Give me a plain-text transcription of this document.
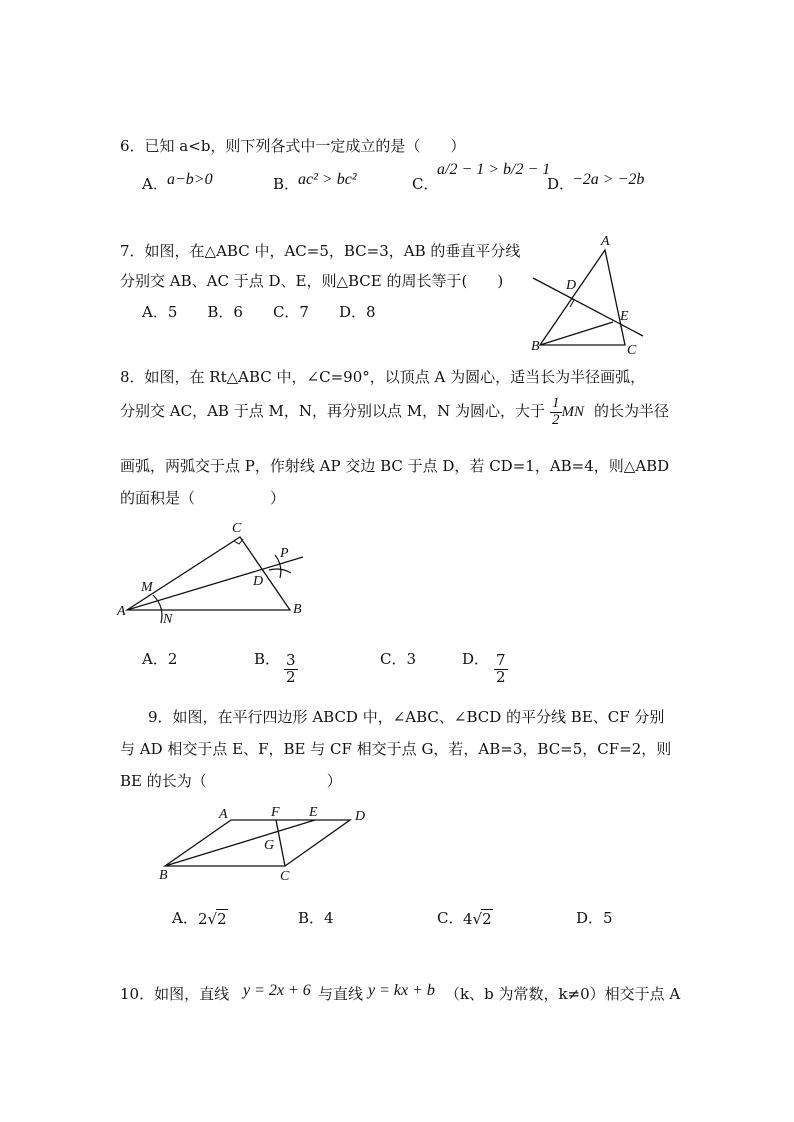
6．已知 a<b，则下列各式中一定成立的是（　　）
A． a−b>0	B．
ac² > bc²	C．
a/2 − 1 > b/2 − 1
D．
−2a > −2b
7．如图，在△ABC 中，AC=5，BC=3，AB 的垂直平分线
分别交 AB、AC 于点 D、E，则△BCE 的周长等于(　　)
A．5　　B．6　　C．7　　D．8
A
B	C
D
E
8．如图，在 Rt△ABC 中，∠C=90°，以顶点 A 为圆心，适当长为半径画弧，
分别交 AC，AB 于点 M，N，再分别以点 M，N 为圆心，大于 $\frac{1}{2}$ MN 的长为半径
画弧，两弧交于点 P，作射线 AP 交边 BC 于点 D，若 CD=1，AB=4，则△ABD
的面积是（　　　　　）
A	B
C
D
M
N
P
A．2	B． $\frac{3}{2}$	C．3	D． $\frac{7}{2}$
9．如图，在平行四边形 ABCD 中，∠ABC、∠BCD 的平分线 BE、CF 分别
与 AD 相交于点 E、F，BE 与 CF 相交于点 G，若，AB=3，BC=5，CF=2，则
BE 的长为（　　　　　　　　）
A
B	C
D
E
F
G
A． 2√2	B．4	C． 4√2	D．5
10．如图，直线 y = 2x + 6 与直线 y = kx + b （k、b 为常数，k≠0）相交于点 A
